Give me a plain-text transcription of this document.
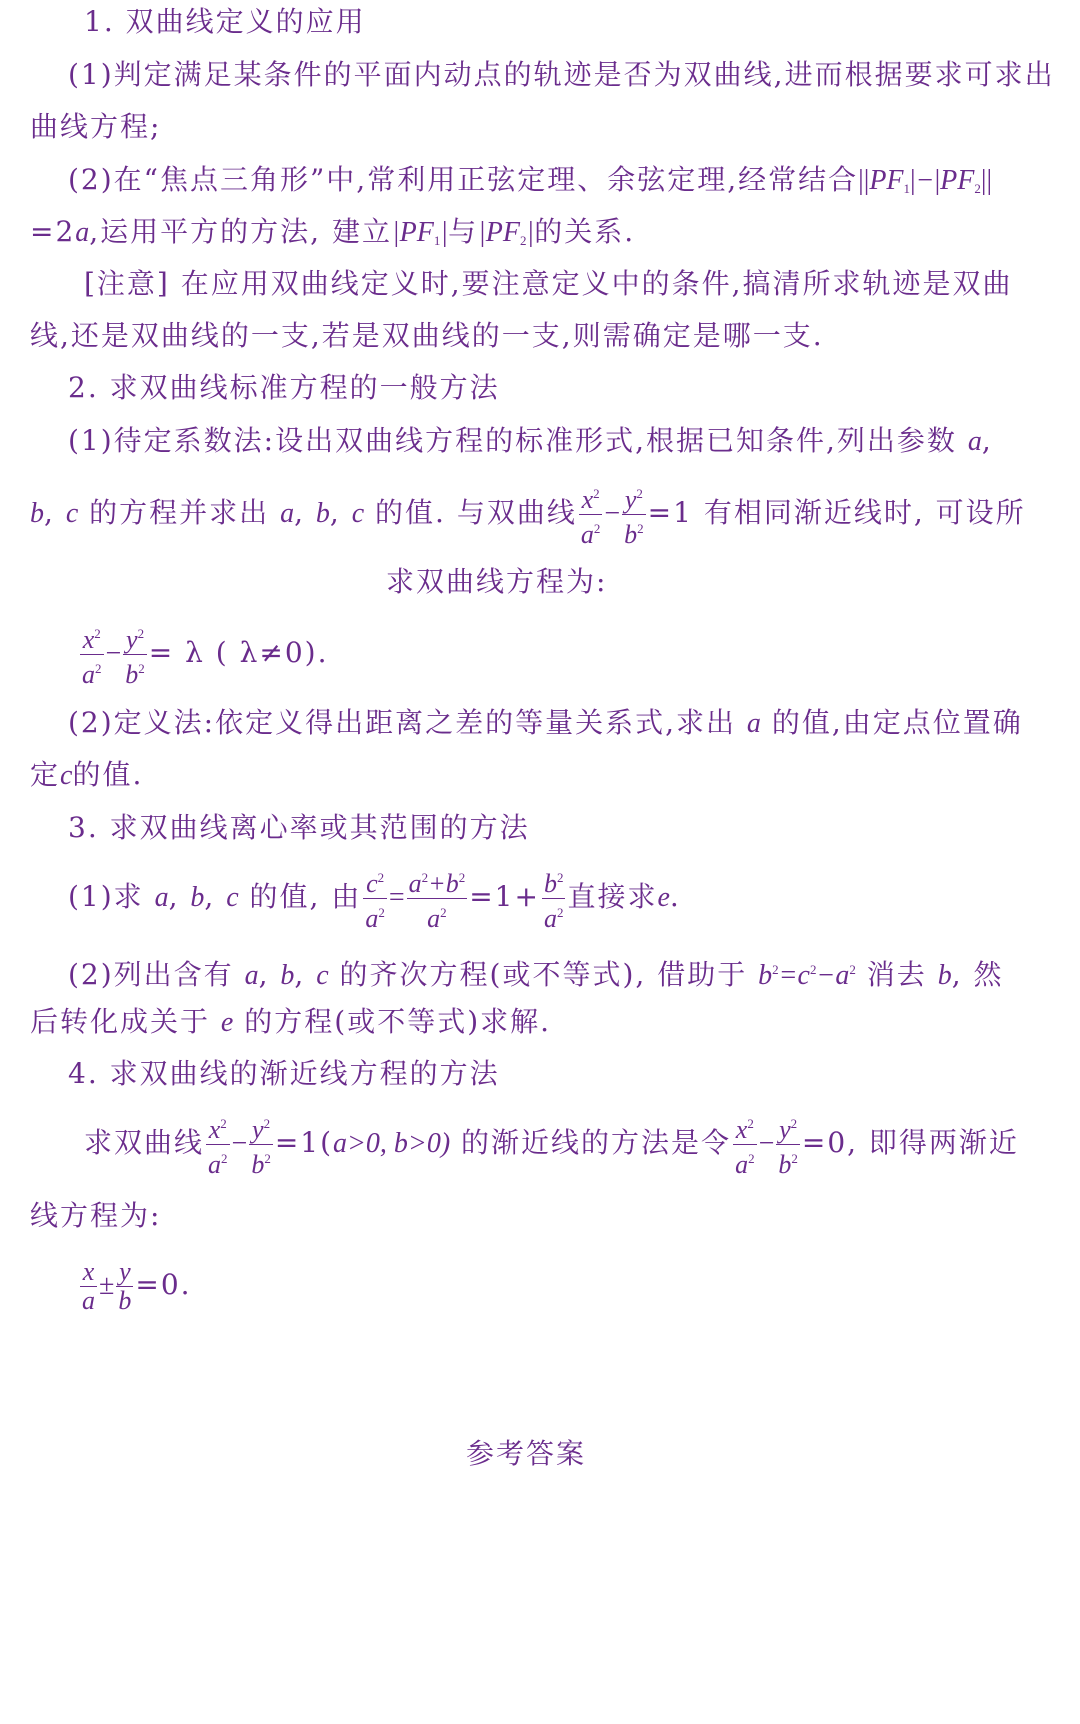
1. 双曲线定义的应用
(1)判定满足某条件的平面内动点的轨迹是否为双曲线,进而根据要求可求出
曲线方程;
(2)在“焦点三角形”中,常利用正弦定理、余弦定理,经常结合$||PF_1|-|PF_2||$
=2a,运用平方的方法, 建立$|PF_1|$与$|PF_2|$的关系.
[注意] 在应用双曲线定义时,要注意定义中的条件,搞清所求轨迹是双曲
线,还是双曲线的一支,若是双曲线的一支,则需确定是哪一支.
2. 求双曲线标准方程的一般方法
(1)待定系数法:设出双曲线方程的标准形式,根据已知条件,列出参数 a,
b, c 的方程并求出 a, b, c 的值. 与双曲线 $\frac{x^2}{a^2} - \frac{y^2}{b^2} =1$ 有相同渐近线时, 可设所
求双曲线方程为:
$\frac{x^2}{a^2} - \frac{y^2}{b^2} = \lambda$ ( λ≠0).
(2)定义法:依定义得出距离之差的等量关系式,求出 a 的值,由定点位置确
定c的值.
3. 求双曲线离心率或其范围的方法
(1)求 a, b, c 的值, 由 $\frac{c^2}{a^2} = \frac{a^2+b^2}{a^2} =1+ \frac{b^2}{a^2}$ 直接求e.
(2)列出含有 a, b, c 的齐次方程(或不等式), 借助于 $b^2=c^2-a^2$ 消去 b, 然
后转化成关于 e 的方程(或不等式)求解.
4. 求双曲线的渐近线方程的方法
求双曲线 $\frac{x^2}{a^2} - \frac{y^2}{b^2} =1(a>0$, b>0) 的渐近线的方法是令 $\frac{x^2}{a^2} - \frac{y^2}{b^2} =0$, 即得两渐近
线方程为:
$\frac{x}{a} \pm \frac{y}{b} =0$.
参考答案
